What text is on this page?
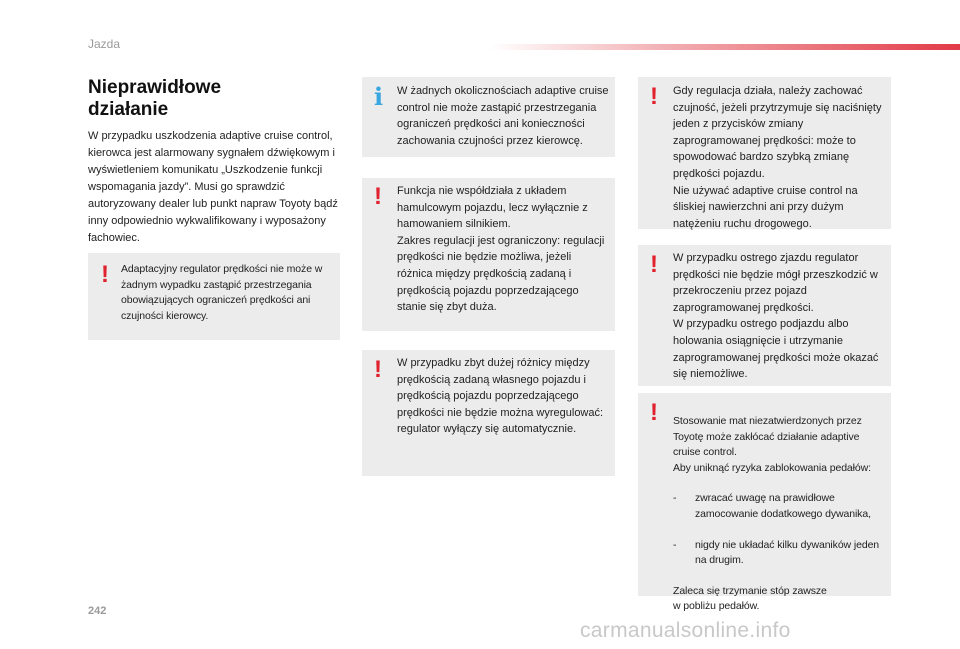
Jazda
Nieprawidłowe
działanie
W przypadku uszkodzenia adaptive cruise control, kierowca jest alarmowany sygnałem dźwiękowym i wyświetleniem komunikatu „Uszkodzenie funkcji wspomagania jazdy”. Musi go sprawdzić autoryzowany dealer lub punkt napraw Toyoty bądź inny odpowiednio wykwalifikowany i wyposażony fachowiec.
! Adaptacyjny regulator prędkości nie może w żadnym wypadku zastąpić przestrzegania obowiązujących ograniczeń prędkości ani czujności kierowcy.
i W żadnych okolicznościach adaptive cruise control nie może zastąpić przestrzegania ograniczeń prędkości ani konieczności zachowania czujności przez kierowcę.
! Funkcja nie współdziała z układem hamulcowym pojazdu, lecz wyłącznie z hamowaniem silnikiem.
Zakres regulacji jest ograniczony: regulacji prędkości nie będzie możliwa, jeżeli różnica między prędkością zadaną i prędkością pojazdu poprzedzającego stanie się zbyt duża.
! W przypadku zbyt dużej różnicy między prędkością zadaną własnego pojazdu i prędkością pojazdu poprzedzającego prędkości nie będzie można wyregulować: regulator wyłączy się automatycznie.
! Gdy regulacja działa, należy zachować czujność, jeżeli przytrzymuje się naciśnięty jeden z przycisków zmiany zaprogramowanej prędkości: może to spowodować bardzo szybką zmianę prędkości pojazdu.
Nie używać adaptive cruise control na śliskiej nawierzchni ani przy dużym natężeniu ruchu drogowego.
! W przypadku ostrego zjazdu regulator prędkości nie będzie mógł przeszkodzić w przekroczeniu przez pojazd zaprogramowanej prędkości.
W przypadku ostrego podjazdu albo holowania osiągnięcie i utrzymanie zaprogramowanej prędkości może okazać się niemożliwe.
! Stosowanie mat niezatwierdzonych przez Toyotę może zakłócać działanie adaptive cruise control.
Aby uniknąć ryzyka zablokowania pedałów:

-	zwracać uwagę na prawidłowe zamocowanie dodatkowego dywanika,

-	nigdy nie układać kilku dywaników jeden na drugim.

Zaleca się trzymanie stóp zawsze
w pobliżu pedałów.

242
carmanualsonline.info
